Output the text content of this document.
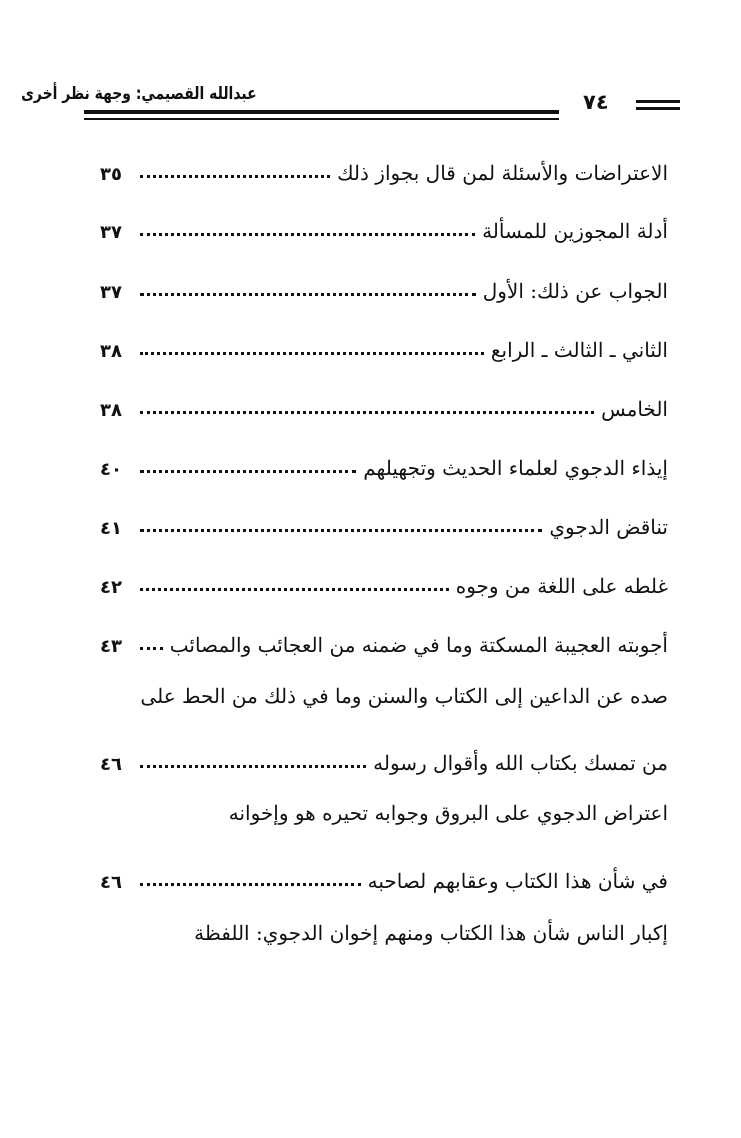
عبدالله القصيمي: وجهة نظر أخرى	٧٤
الاعتراضات والأسئلة لمن قال بجواز ذلك
٣٥
أدلة المجوزين للمسألة
٣٧
الجواب عن ذلك: الأول
٣٧
الثاني ـ الثالث ـ الرابع
٣٨
الخامس
٣٨
إيذاء الدجوي لعلماء الحديث وتجهيلهم
٤٠
تناقض الدجوي
٤١
غلطه على اللغة من وجوه
٤٢
أجوبته العجيبة المسكتة وما في ضمنه من العجائب والمصائب
٤٣
صده عن الداعين إلى الكتاب والسنن وما في ذلك من الحط على
من تمسك بكتاب الله وأقوال رسوله
٤٦
اعتراض الدجوي على البروق وجوابه تحيره هو وإخوانه
في شأن هذا الكتاب وعقابهم لصاحبه
٤٦
إكبار الناس شأن هذا الكتاب ومنهم إخوان الدجوي: اللفظة
